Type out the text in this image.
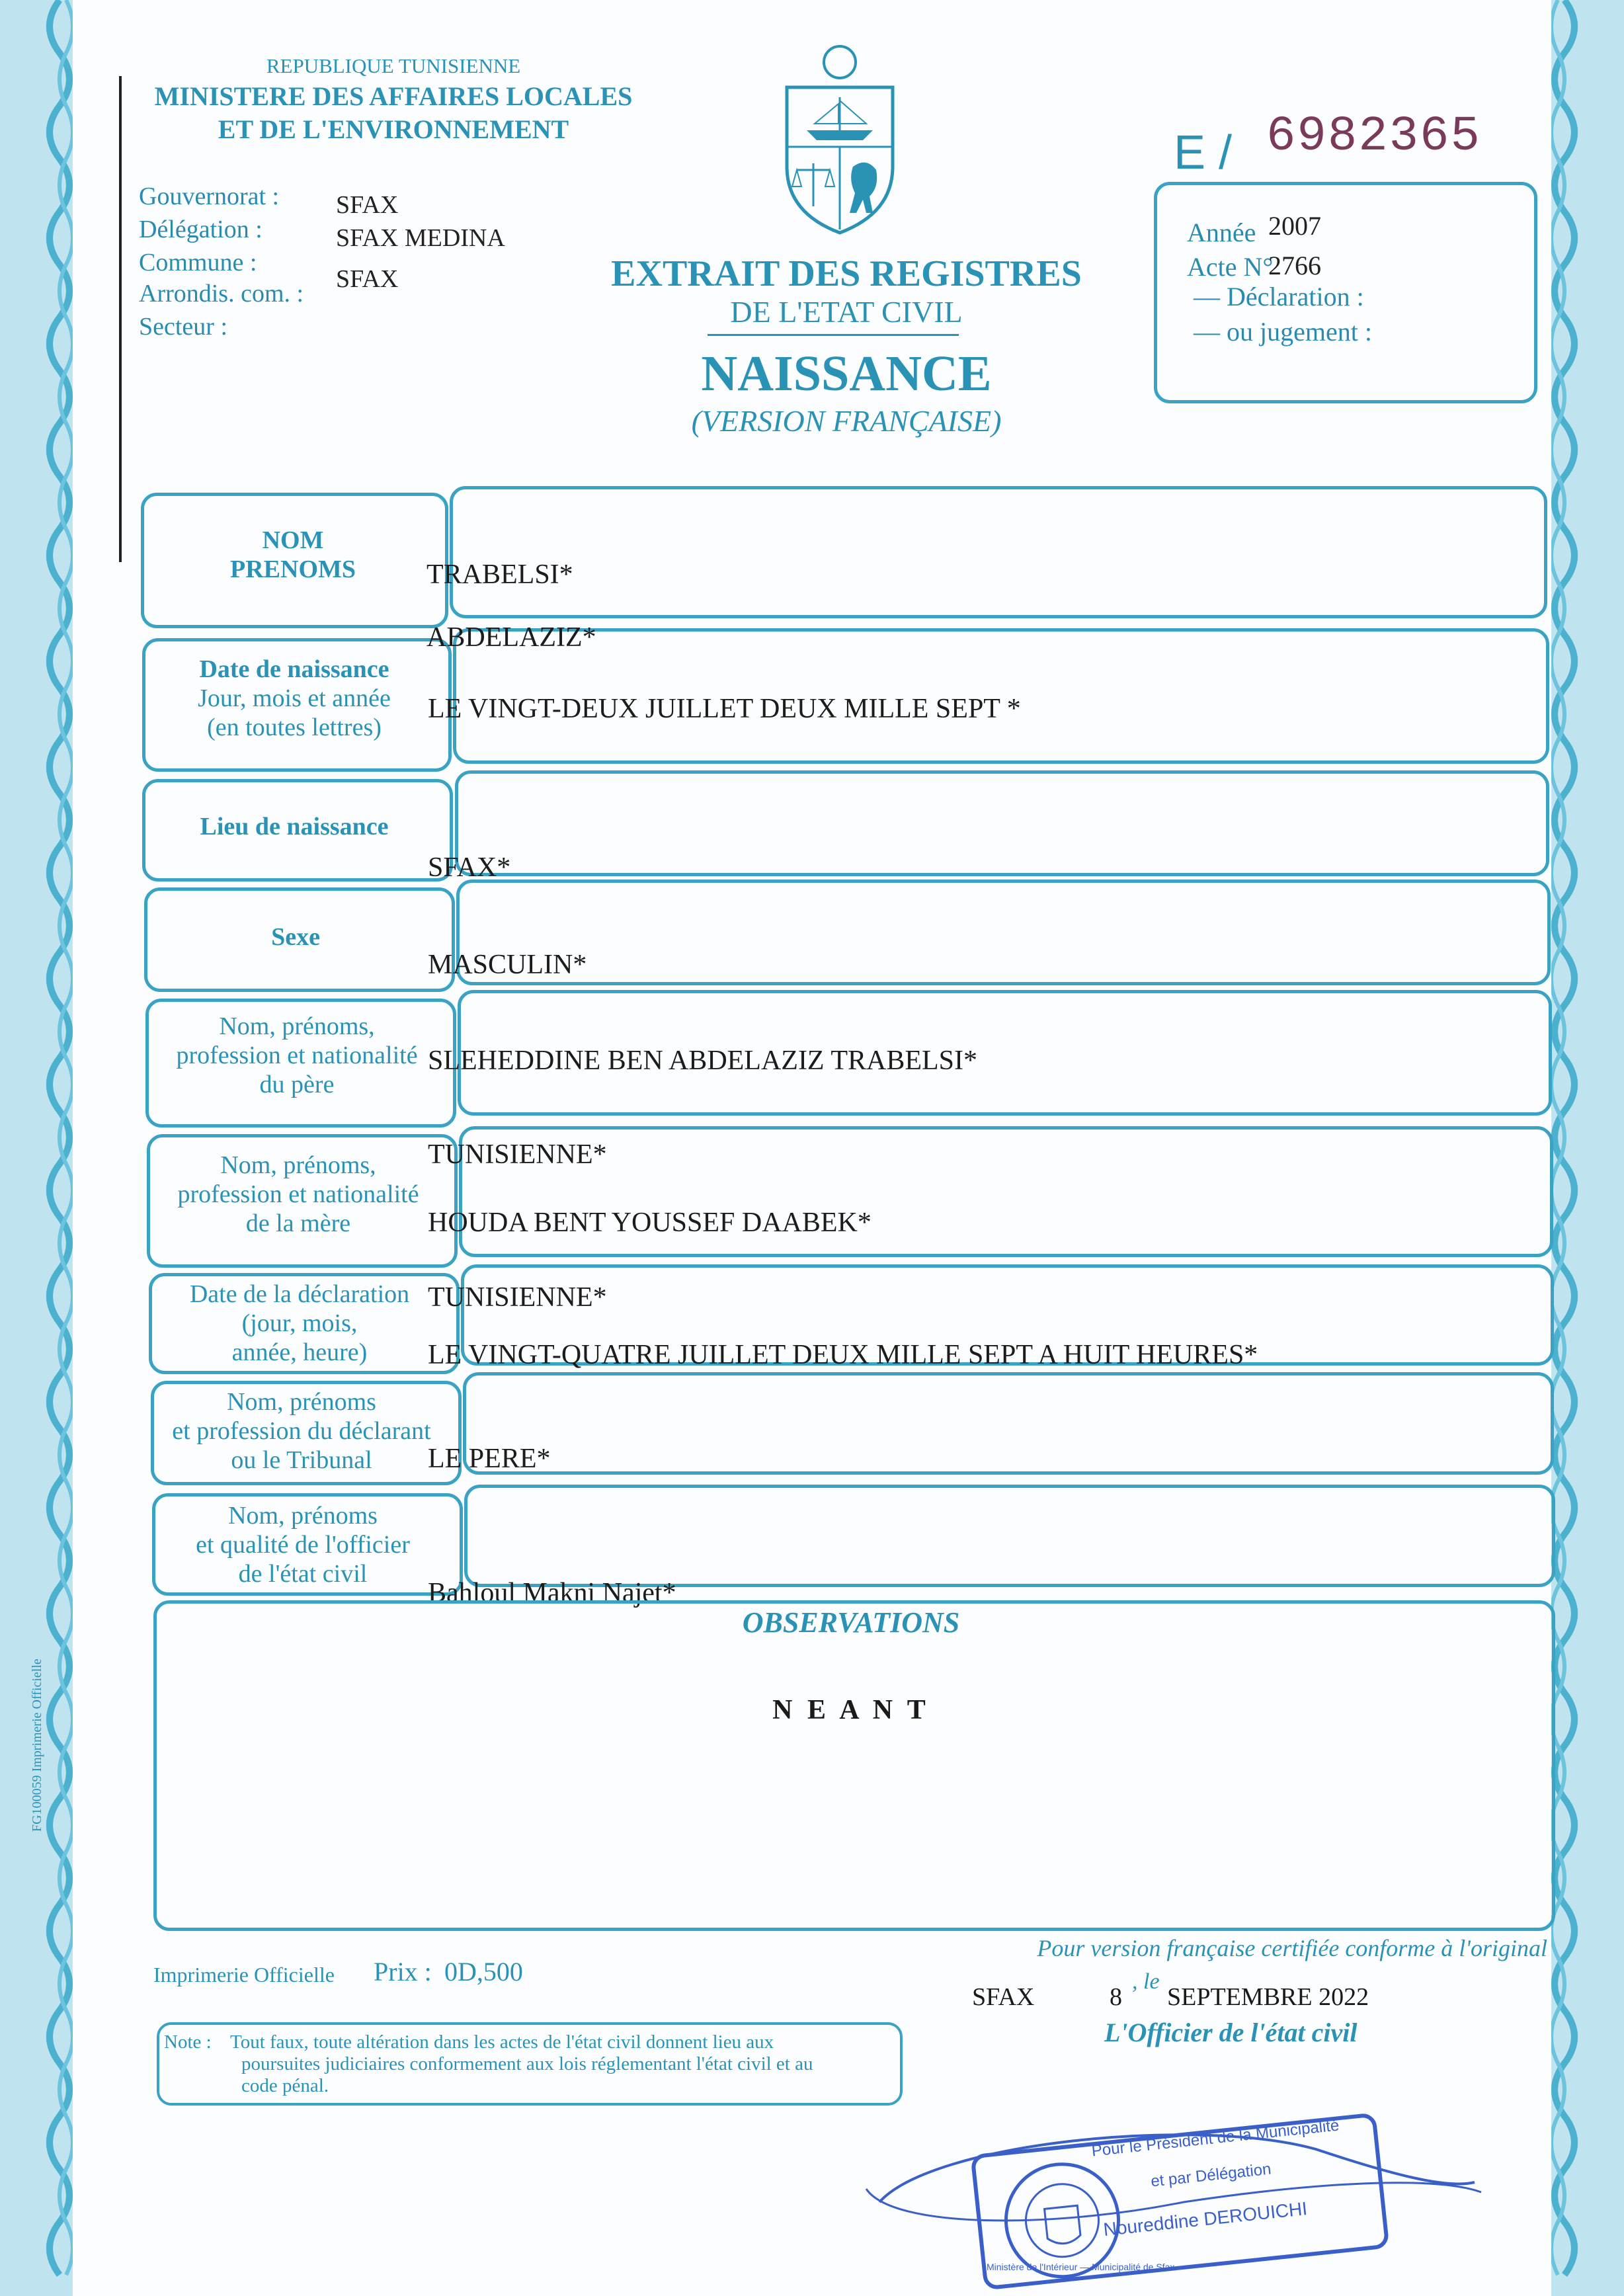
REPUBLIQUE TUNISIENNE
MINISTERE DES AFFAIRES LOCALES
ET DE L'ENVIRONNEMENT
Gouvernorat : SFAX
Délégation :	SFAX MEDINA
Commune :
Arrondis. com. :
SFAX
Secteur :
EXTRAIT DES REGISTRES
DE L'ETAT CIVIL
NAISSANCE
(VERSION FRANÇAISE)
E / 6982365
Année 2007
Acte N°
2766
— Déclaration :
— ou jugement :
NOM
PRENOMS
Date de naissance
Jour, mois et année
(en toutes lettres)
Lieu de naissance
Sexe
Nom, prénoms,
profession et nationalité
du père
Nom, prénoms,
profession et nationalité
de la mère
Date de la déclaration
(jour, mois,
année, heure)
Nom, prénoms
et profession du déclarant
ou le Tribunal
Nom, prénoms
et qualité de l'officier
de l'état civil
TRABELSI*
ABDELAZIZ*
LE VINGT-DEUX JUILLET DEUX MILLE SEPT *
SFAX*
MASCULIN*
SLEHEDDINE BEN ABDELAZIZ TRABELSI*
TUNISIENNE*
HOUDA BENT YOUSSEF DAABEK*
TUNISIENNE*
LE VINGT-QUATRE JUILLET DEUX MILLE SEPT A HUIT HEURES*
LE PERE*
Bahloul Makni Najet*
OBSERVATIONS
N E A N T
FG100059 Imprimerie Officielle
Imprimerie Officielle Prix : 0D,500
Pour version française certifiée conforme à l'original
SFAX	8
, le
SEPTEMBRE 2022
L'Officier de l'état civil
Note : Tout faux, toute altération dans les actes de l'état civil donnent lieu aux
poursuites judiciaires conformement aux lois réglementant l'état civil et au
code pénal.
Pour le Président de la Municipalité
et par Délégation
Noureddine DEROUICHI
Ministère de l'Intérieur — Municipalité de Sfax
